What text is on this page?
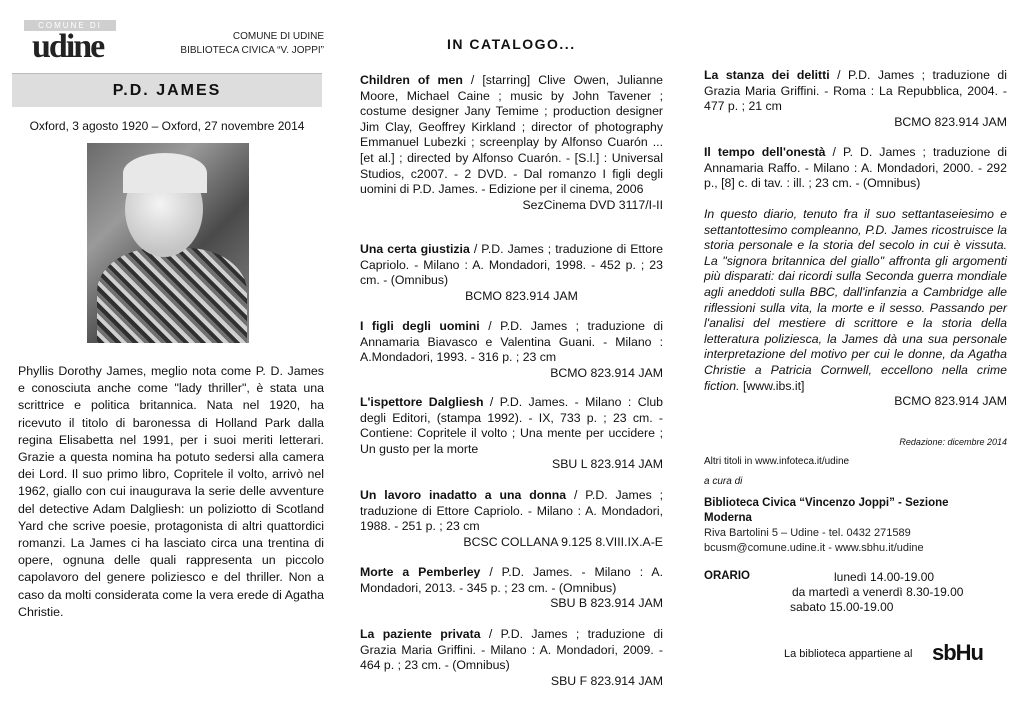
COMUNE DI
udine	COMUNE DI UDINE
BIBLIOTECA CIVICA “V. JOPPI”
P.D. JAMES
Oxford, 3 agosto 1920 – Oxford, 27 novembre 2014
Phyllis Dorothy James, meglio nota come P. D. James e conosciuta anche come "lady thriller", è stata una scrittrice e politica britannica. Nata nel 1920, ha ricevuto il titolo di baronessa di Holland Park dalla regina Elisabetta nel 1991, per i suoi meriti letterari. Grazie a questa nomina ha potuto sedersi alla camera dei Lord. Il suo primo libro, Copritele il volto, arrivò nel 1962, giallo con cui inaugurava la serie delle avventure del detective Adam Dalgliesh: un poliziotto di Scotland Yard che scrive poesie, protagonista di altri quattordici romanzi. La James ci ha lasciato circa una trentina di opere, ognuna delle quali rappresenta un piccolo capolavoro del genere poliziesco e del thriller. Non a caso da molti considerata come la vera erede di Agatha Christie.
IN CATALOGO...
Children of men / [starring] Clive Owen, Julianne Moore, Michael Caine ; music by John Tavener ; costume designer Jany Temime ; production designer Jim Clay, Geoffrey Kirkland ; director of photography Emmanuel Lubezki ; screenplay by Alfonso Cuarón ... [et al.] ; directed by Alfonso Cuarón. - [S.l.] : Universal Studios, c2007. - 2 DVD. - Dal romanzo I figli degli uomini di P.D. James. - Edizione per il cinema, 2006
SezCinema DVD 3117/I-II
Una certa giustizia / P.D. James ; traduzione di Ettore Capriolo. - Milano : A. Mondadori, 1998. - 452 p. ; 23 cm. - (Omnibus)
BCMO 823.914 JAM
I figli degli uomini / P.D. James ; traduzione di Annamaria Biavasco e Valentina Guani. - Milano : A.Mondadori, 1993. - 316 p. ; 23 cm
BCMO 823.914 JAM
L'ispettore Dalgliesh / P.D. James. - Milano : Club degli Editori, (stampa 1992). - IX, 733 p. ; 23 cm. - Contiene: Copritele il volto ; Una mente per uccidere ; Un gusto per la morte
SBU L 823.914 JAM
Un lavoro inadatto a una donna / P.D. James ; traduzione di Ettore Capriolo. - Milano : A. Mondadori, 1988. - 251 p. ; 23 cm
BCSC COLLANA 9.125 8.VIII.IX.A-E
Morte a Pemberley / P.D. James. - Milano : A. Mondadori, 2013. - 345 p. ; 23 cm. - (Omnibus)
SBU B 823.914 JAM
La paziente privata / P.D. James ; traduzione di Grazia Maria Griffini. - Milano : A. Mondadori, 2009. - 464 p. ; 23 cm. - (Omnibus)
SBU F 823.914 JAM
La stanza dei delitti / P.D. James ; traduzione di Grazia Maria Griffini. - Roma : La Repubblica, 2004. - 477 p. ; 21 cm
BCMO 823.914 JAM
Il tempo dell'onestà / P. D. James ; traduzione di Annamaria Raffo. - Milano : A. Mondadori, 2000. - 292 p., [8] c. di tav. : ill. ; 23 cm. - (Omnibus)
In questo diario, tenuto fra il suo settantaseiesimo e settantottesimo compleanno, P.D. James ricostruisce la storia personale e la storia del secolo in cui è vissuta. La "signora britannica del giallo" affronta gli argomenti più disparati: dai ricordi sulla Seconda guerra mondiale agli aneddoti sulla BBC, dall'infanzia a Cambridge alle riflessioni sulla vita, la morte e il sesso. Passando per l'analisi del mestiere di scrittore e la storia della letteratura poliziesca, la James dà una sua personale interpretazione del motivo per cui le donne, da Agatha Christie a Patricia Cornwell, eccellono nella crime fiction. [www.ibs.it]
BCMO 823.914 JAM
Redazione: dicembre 2014
Altri titoli in www.infoteca.it/udine
a cura di
Biblioteca Civica “Vincenzo Joppi” - Sezione Moderna
Riva Bartolini 5 – Udine - tel. 0432 271589
bcusm@comune.udine.it - www.sbhu.it/udine
ORARIO	lunedì 14.00-19.00
da martedì a venerdì 8.30-19.00
sabato 15.00-19.00
La biblioteca appartiene al sbHu
